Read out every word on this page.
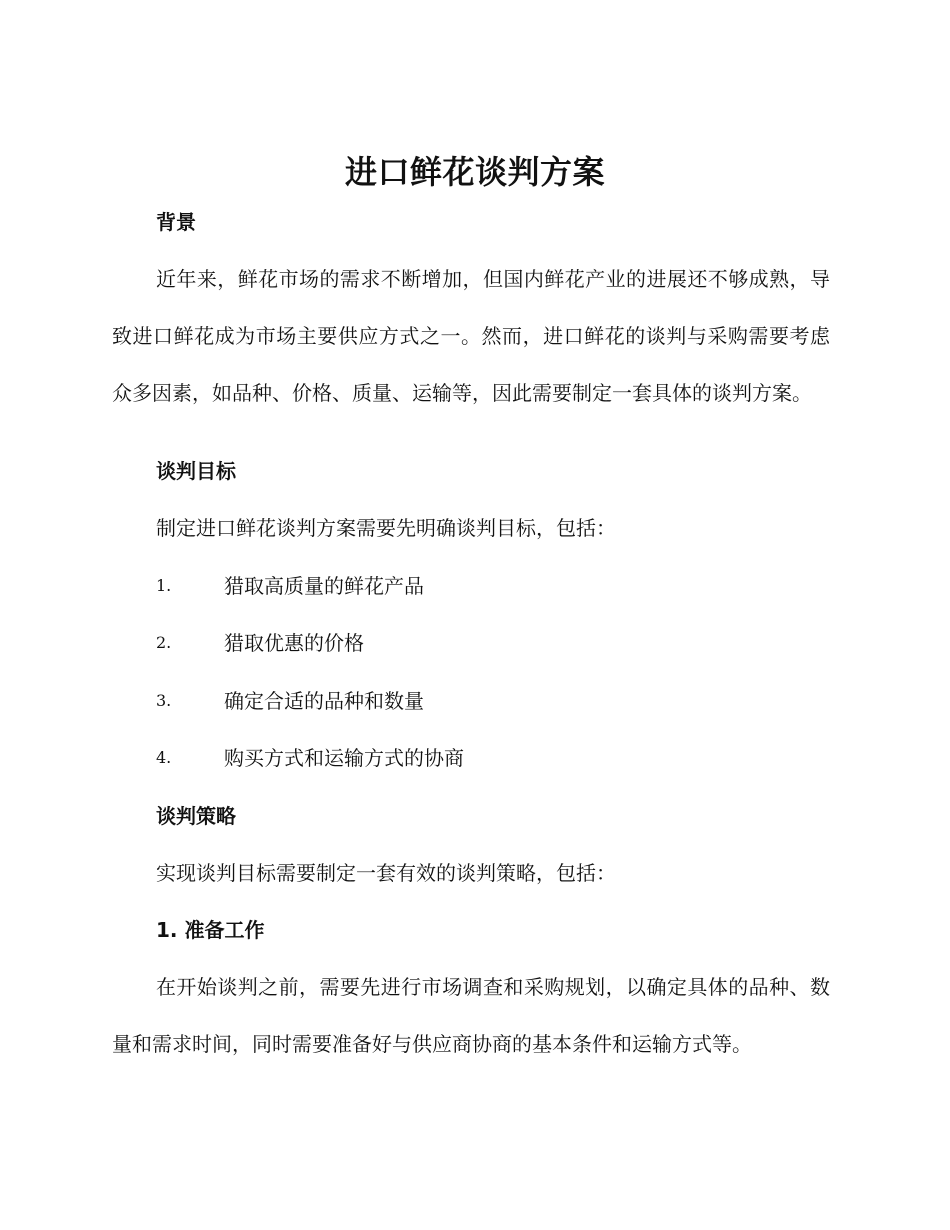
进口鲜花谈判方案
背景

近年来，鲜花市场的需求不断增加，但国内鲜花产业的进展还不够成熟，导致进口鲜花成为市场主要供应方式之一。然而，进口鲜花的谈判与采购需要考虑众多因素，如品种、价格、质量、运输等，因此需要制定一套具体的谈判方案。

谈判目标

制定进口鲜花谈判方案需要先明确谈判目标，包括：

1.	猎取高质量的鲜花产品
2.	猎取优惠的价格
3.	确定合适的品种和数量
4.	购买方式和运输方式的协商
谈判策略

实现谈判目标需要制定一套有效的谈判策略，包括：

1. 准备工作

在开始谈判之前，需要先进行市场调查和采购规划，以确定具体的品种、数量和需求时间，同时需要准备好与供应商协商的基本条件和运输方式等。
